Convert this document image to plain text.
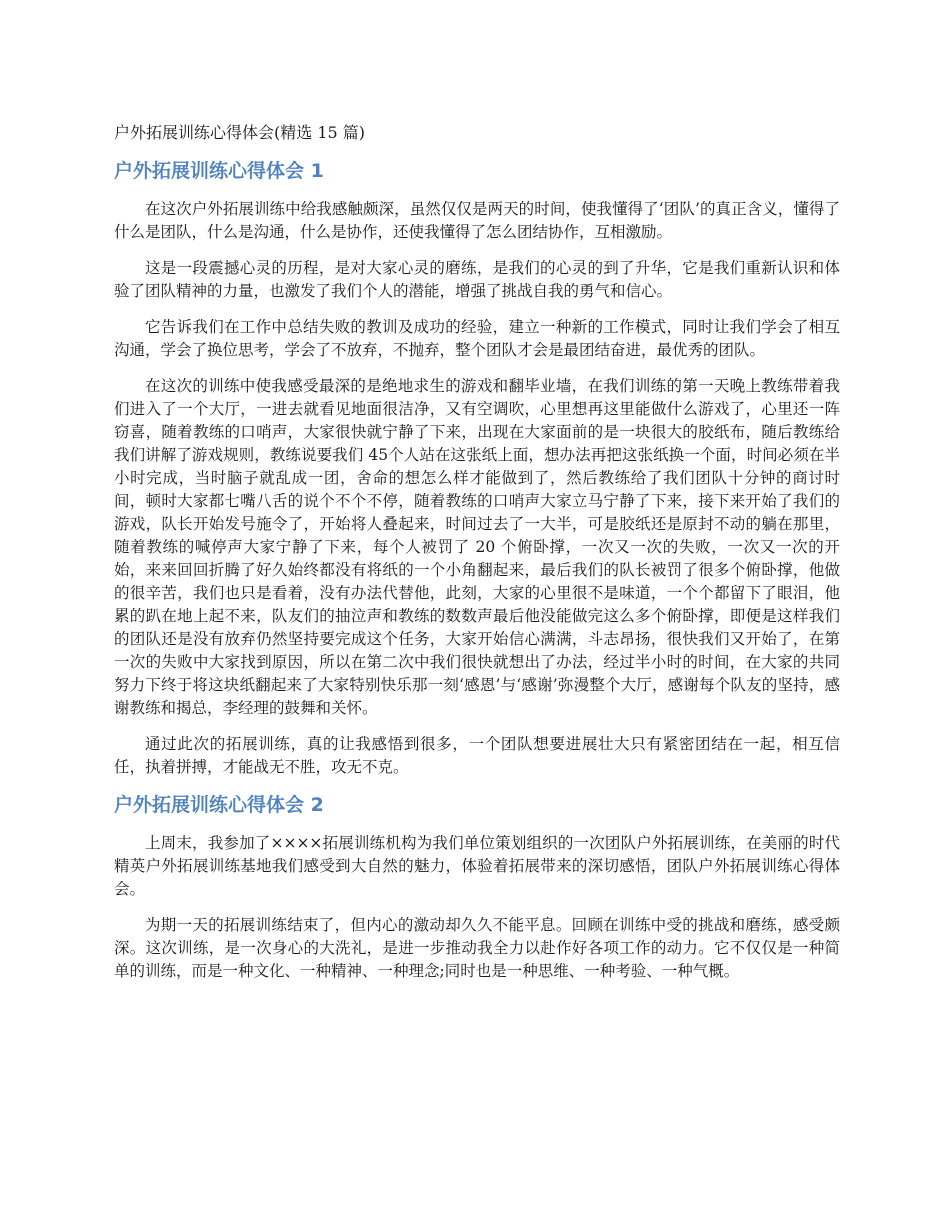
户外拓展训练心得体会(精选 15 篇)
户外拓展训练心得体会 1

在这次户外拓展训练中给我感触颇深，虽然仅仅是两天的时间，使我懂得了‘团队’的真正含义，懂得了什么是团队，什么是沟通，什么是协作，还使我懂得了怎么团结协作，互相激励。

这是一段震撼心灵的历程，是对大家心灵的磨练，是我们的心灵的到了升华，它是我们重新认识和体验了团队精神的力量，也激发了我们个人的潜能，增强了挑战自我的勇气和信心。

它告诉我们在工作中总结失败的教训及成功的经验，建立一种新的工作模式，同时让我们学会了相互沟通，学会了换位思考，学会了不放弃，不抛弃，整个团队才会是最团结奋进，最优秀的团队。

在这次的训练中使我感受最深的是绝地求生的游戏和翻毕业墙，在我们训练的第一天晚上教练带着我们进入了一个大厅，一进去就看见地面很洁净，又有空调吹，心里想再这里能做什么游戏了，心里还一阵窃喜，随着教练的口哨声，大家很快就宁静了下来，出现在大家面前的是一块很大的胶纸布，随后教练给我们讲解了游戏规则，教练说要我们 45个人站在这张纸上面，想办法再把这张纸换一个面，时间必须在半小时完成，当时脑子就乱成一团，舍命的想怎么样才能做到了，然后教练给了我们团队十分钟的商讨时间，顿时大家都七嘴八舌的说个不个不停，随着教练的口哨声大家立马宁静了下来，接下来开始了我们的游戏，队长开始发号施令了，开始将人叠起来，时间过去了一大半，可是胶纸还是原封不动的躺在那里，随着教练的喊停声大家宁静了下来，每个人被罚了 20 个俯卧撑，一次又一次的失败，一次又一次的开始，来来回回折腾了好久始终都没有将纸的一个小角翻起来，最后我们的队长被罚了很多个俯卧撑，他做的很辛苦，我们也只是看着，没有办法代替他，此刻，大家的心里很不是味道，一个个都留下了眼泪，他累的趴在地上起不来，队友们的抽泣声和教练的数数声最后他没能做完这么多个俯卧撑，即便是这样我们的团队还是没有放弃仍然坚持要完成这个任务，大家开始信心满满，斗志昂扬，很快我们又开始了，在第一次的失败中大家找到原因，所以在第二次中我们很快就想出了办法，经过半小时的时间，在大家的共同努力下终于将这块纸翻起来了大家特别快乐那一刻‘感恩’与‘感谢’弥漫整个大厅，感谢每个队友的坚持，感谢教练和揭总，李经理的鼓舞和关怀。

通过此次的拓展训练，真的让我感悟到很多，一个团队想要进展壮大只有紧密团结在一起，相互信任，执着拼搏，才能战无不胜，攻无不克。

户外拓展训练心得体会 2

上周末，我参加了××××拓展训练机构为我们单位策划组织的一次团队户外拓展训练，在美丽的时代精英户外拓展训练基地我们感受到大自然的魅力，体验着拓展带来的深切感悟，团队户外拓展训练心得体会。

为期一天的拓展训练结束了，但内心的激动却久久不能平息。回顾在训练中受的挑战和磨练，感受颇深。这次训练，是一次身心的大洗礼，是进一步推动我全力以赴作好各项工作的动力。它不仅仅是一种简单的训练，而是一种文化、一种精神、一种理念;同时也是一种思维、一种考验、一种气概。
